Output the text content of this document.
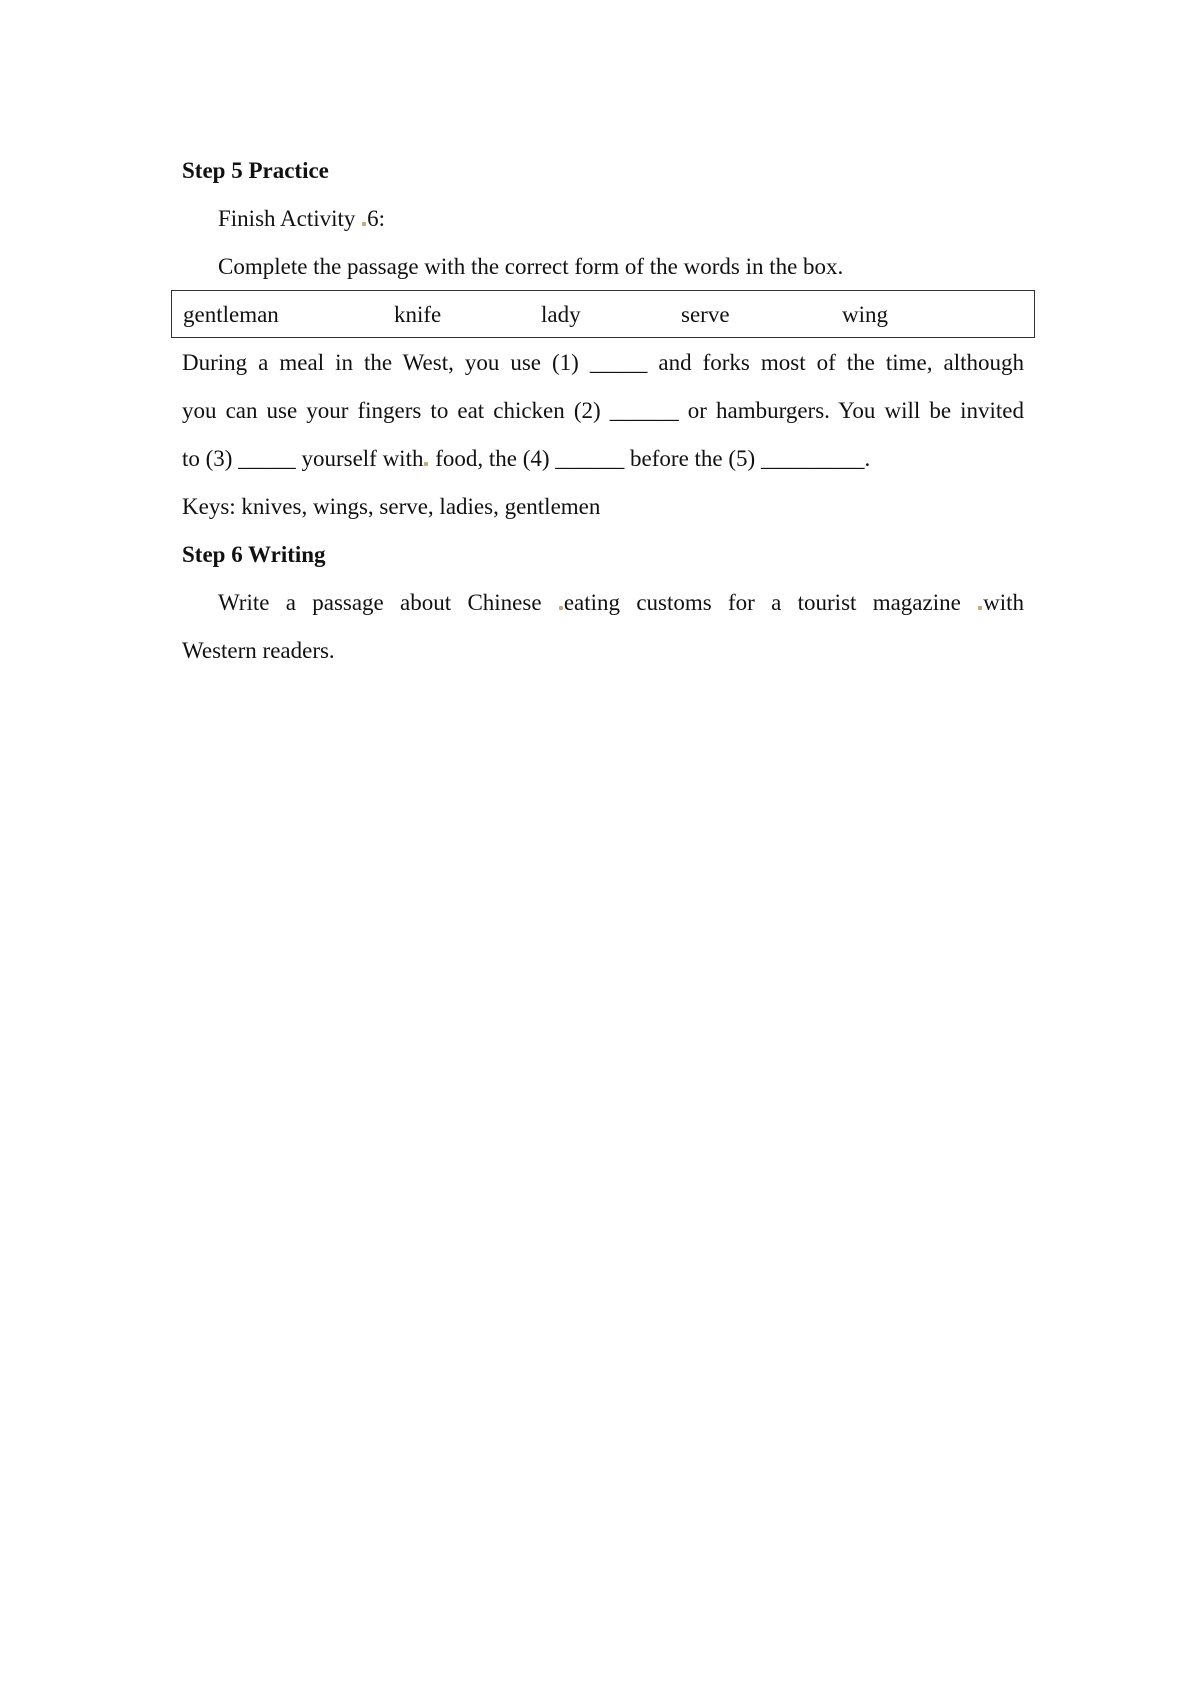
Step 5 Practice

Finish Activity 6:

Complete the passage with the correct form of the words in the box.

gentleman	knife	lady	serve	wing

During a meal in the West, you use (1) _____ and forks most of the time, although

you can use your fingers to eat chicken (2) ______ or hamburgers. You will be invited

to (3) _____ yourself with food, the (4) ______ before the (5) _________.

Keys: knives, wings, serve, ladies, gentlemen

Step 6 Writing

Write a passage about Chinese eating customs for a tourist magazine with

Western readers.
